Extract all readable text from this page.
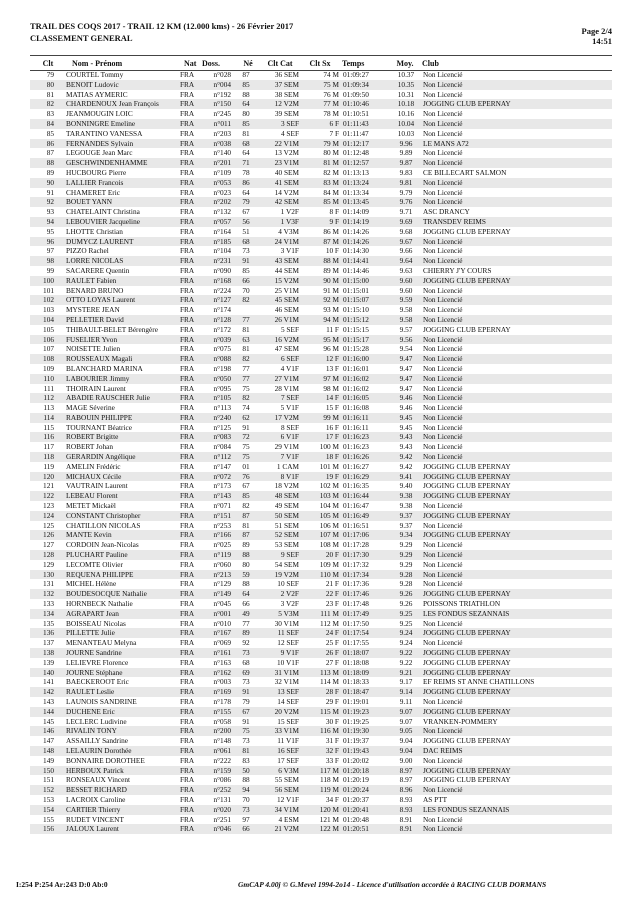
TRAIL DES COQS 2017 - TRAIL 12 KM (12.000 kms) - 26 Février 2017
CLASSEMENT GENERAL
Page 2/4
14:51
Clt	Nom - Prénom	Nat Doss.	Né	Clt Cat	Clt Sx	Temps	Moy.	Club
79	COURTEL Tommy	FRA	n°028	87	36 SEM	74 M 01:09:27	10.37	Non Licencié
80	BENOIT Ludovic	FRA	n°004	85	37 SEM	75 M 01:09:34	10.35	Non Licencié
81	MATIAS AYMERIC	FRA	n°192	88	38 SEM	76 M 01:09:50	10.31	Non Licencié
82	CHARDENOUX Jean François	FRA	n°150	64	12 V2M	77 M 01:10:46	10.18	JOGGING CLUB EPERNAY
83	JEANMOUGIN LOIC	FRA	n°245	80	39 SEM	78 M 01:10:51	10.16	Non Licencié
84	BONNINGRE Emeline	FRA	n°011	85	3 SEF	6 F 01:11:43	10.04	Non Licencié
85	TARANTINO VANESSA	FRA	n°203	81	4 SEF	7 F 01:11:47	10.03	Non Licencié
86	FERNANDES Sylvain	FRA	n°038	68	22 V1M	79 M 01:12:17	9.96	LE MANS A72
87	LEGOUGE Jean Marc	FRA	n°140	64	13 V2M	80 M 01:12:48	9.89	Non Licencié
88	GESCHWINDENHAMME	FRA	n°201	71	23 V1M	81 M 01:12:57	9.87	Non Licencié
89	HUCBOURG Pierre	FRA	n°109	78	40 SEM	82 M 01:13:13	9.83	CE BILLECART SALMON
90	LALLIER Francois	FRA	n°053	86	41 SEM	83 M 01:13:24	9.81	Non Licencié
91	CHAMERET Eric	FRA	n°023	64	14 V2M	84 M 01:13:34	9.79	Non Licencié
92	BOUET YANN	FRA	n°202	79	42 SEM	85 M 01:13:45	9.76	Non Licencié
93	CHATELAINT Christina	FRA	n°132	67	1 V2F	8 F 01:14:09	9.71	ASC DRANCY
94	LEBOUVIER Jacqueline	FRA	n°057	56	1 V3F	9 F 01:14:19	9.69	TRANSDEV REIMS
95	LHOTTE Christian	FRA	n°164	51	4 V3M	86 M 01:14:26	9.68	JOGGING CLUB EPERNAY
96	DUMYCZ LAURENT	FRA	n°185	68	24 V1M	87 M 01:14:26	9.67	Non Licencié
97	PIZZO Rachel	FRA	n°104	73	3 V1F	10 F 01:14:30	9.66	Non Licencié
98	LORRE NICOLAS	FRA	n°231	91	43 SEM	88 M 01:14:41	9.64	Non Licencié
99	SACARERE Quentin	FRA	n°090	85	44 SEM	89 M 01:14:46	9.63	CHIERRY J'Y COURS
100	RAULET Fabien	FRA	n°168	66	15 V2M	90 M 01:15:00	9.60	JOGGING CLUB EPERNAY
101	BENARD BRUNO	FRA	n°224	70	25 V1M	91 M 01:15:01	9.60	Non Licencié
102	OTTO LOYAS Laurent	FRA	n°127	82	45 SEM	92 M 01:15:07	9.59	Non Licencié
103	MYSTERE JEAN	FRA	n°174	46 SEM	93 M 01:15:10	9.58	Non Licencié
104	PELLETIER David	FRA	n°128	77	26 V1M	94 M 01:15:12	9.58	Non Licencié
105	THIBAULT-BELET Bérengère	FRA	n°172	81	5 SEF	11 F 01:15:15	9.57	JOGGING CLUB EPERNAY
106	FUSELIER Yvon	FRA	n°039	63	16 V2M	95 M 01:15:17	9.56	Non Licencié
107	NOISETTE Julien	FRA	n°075	81	47 SEM	96 M 01:15:28	9.54	Non Licencié
108	ROUSSEAUX Magali	FRA	n°088	82	6 SEF	12 F 01:16:00	9.47	Non Licencié
109	BLANCHARD MARINA	FRA	n°198	77	4 V1F	13 F 01:16:01	9.47	Non Licencié
110	LABOURIER Jimmy	FRA	n°050	77	27 V1M	97 M 01:16:02	9.47	Non Licencié
111	THOIRAIN Laurent	FRA	n°095	75	28 V1M	98 M 01:16:02	9.47	Non Licencié
112	ABADIE RAUSCHER Julie	FRA	n°105	82	7 SEF	14 F 01:16:05	9.46	Non Licencié
113	MAGE Séverine	FRA	n°113	74	5 V1F	15 F 01:16:08	9.46	Non Licencié
114	RABOUIN PHILIPPE	FRA	n°240	62	17 V2M	99 M 01:16:11	9.45	Non Licencié
115	TOURNANT Béatrice	FRA	n°125	91	8 SEF	16 F 01:16:11	9.45	Non Licencié
116	ROBERT Brigitte	FRA	n°083	72	6 V1F	17 F 01:16:23	9.43	Non Licencié
117	ROBERT Johan	FRA	n°084	75	29 V1M	100 M 01:16:23	9.43	Non Licencié
118	GERARDIN Angélique	FRA	n°112	75	7 V1F	18 F 01:16:26	9.42	Non Licencié
119	AMELIN Frédéric	FRA	n°147	01	1 CAM	101 M 01:16:27	9.42	JOGGING CLUB EPERNAY
120	MICHAUX Cécile	FRA	n°072	76	8 V1F	19 F 01:16:29	9.41	JOGGING CLUB EPERNAY
121	VAUTRAIN Laurent	FRA	n°173	67	18 V2M	102 M 01:16:35	9.40	JOGGING CLUB EPERNAY
122	LEBEAU Florent	FRA	n°143	85	48 SEM	103 M 01:16:44	9.38	JOGGING CLUB EPERNAY
123	METET Mickaël	FRA	n°071	82	49 SEM	104 M 01:16:47	9.38	Non Licencié
124	CONSTANT Christopher	FRA	n°151	87	50 SEM	105 M 01:16:49	9.37	JOGGING CLUB EPERNAY
125	CHATILLON NICOLAS	FRA	n°253	81	51 SEM	106 M 01:16:51	9.37	Non Licencié
126	MANTE Kevin	FRA	n°166	87	52 SEM	107 M 01:17:06	9.34	JOGGING CLUB EPERNAY
127	CORDOIN Jean-Nicolas	FRA	n°025	89	53 SEM	108 M 01:17:28	9.29	Non Licencié
128	PLUCHART Pauline	FRA	n°119	88	9 SEF	20 F 01:17:30	9.29	Non Licencié
129	LECOMTE Olivier	FRA	n°060	80	54 SEM	109 M 01:17:32	9.29	Non Licencié
130	REQUENA PHILIPPE	FRA	n°213	59	19 V2M	110 M 01:17:34	9.28	Non Licencié
131	MICHEL Hélène	FRA	n°129	88	10 SEF	21 F 01:17:36	9.28	Non Licencié
132	BOUDESOCQUE Nathalie	FRA	n°149	64	2 V2F	22 F 01:17:46	9.26	JOGGING CLUB EPERNAY
133	HORNBECK Nathalie	FRA	n°045	66	3 V2F	23 F 01:17:48	9.26	POISSONS TRIATHLON
134	AGRAPART Jean	FRA	n°001	49	5 V3M	111 M 01:17:49	9.25	LES FONDUS SEZANNAIS
135	BOISSEAU Nicolas	FRA	n°010	77	30 V1M	112 M 01:17:50	9.25	Non Licencié
136	PILLETTE Julie	FRA	n°167	89	11 SEF	24 F 01:17:54	9.24	JOGGING CLUB EPERNAY
137	MENANTEAU Melyna	FRA	n°069	92	12 SEF	25 F 01:17:55	9.24	Non Licencié
138	JOURNE Sandrine	FRA	n°161	73	9 V1F	26 F 01:18:07	9.22	JOGGING CLUB EPERNAY
139	LELIEVRE Florence	FRA	n°163	68	10 V1F	27 F 01:18:08	9.22	JOGGING CLUB EPERNAY
140	JOURNE Stéphane	FRA	n°162	69	31 V1M	113 M 01:18:09	9.21	JOGGING CLUB EPERNAY
141	BAECKEROOT Eric	FRA	n°003	73	32 V1M	114 M 01:18:33	9.17	EF REIMS ST ANNE CHATILLONS
142	RAULET Leslie	FRA	n°169	91	13 SEF	28 F 01:18:47	9.14	JOGGING CLUB EPERNAY
143	LAUNOIS SANDRINE	FRA	n°178	79	14 SEF	29 F 01:19:01	9.11	Non Licencié
144	DUCHENE Eric	FRA	n°155	67	20 V2M	115 M 01:19:23	9.07	JOGGING CLUB EPERNAY
145	LECLERC Ludivine	FRA	n°058	91	15 SEF	30 F 01:19:25	9.07	VRANKEN-POMMERY
146	RIVALIN TONY	FRA	n°200	75	33 V1M	116 M 01:19:30	9.05	Non Licencié
147	ASSAILLY Sandrine	FRA	n°148	73	11 V1F	31 F 01:19:37	9.04	JOGGING CLUB EPERNAY
148	LELAURIN Dorothée	FRA	n°061	81	16 SEF	32 F 01:19:43	9.04	DAC REIMS
149	BONNAIRE DOROTHEE	FRA	n°222	83	17 SEF	33 F 01:20:02	9.00	Non Licencié
150	HERBOUX Patrick	FRA	n°159	50	6 V3M	117 M 01:20:18	8.97	JOGGING CLUB EPERNAY
151	RONSEAUX Vincent	FRA	n°086	88	55 SEM	118 M 01:20:19	8.97	JOGGING CLUB EPERNAY
152	BESSET RICHARD	FRA	n°252	94	56 SEM	119 M 01:20:24	8.96	Non Licencié
153	LACROIX Caroline	FRA	n°131	70	12 V1F	34 F 01:20:37	8.93	AS PTT
154	CARTIER Thierry	FRA	n°020	73	34 V1M	120 M 01:20:41	8.93	LES FONDUS SEZANNAIS
155	RUDET VINCENT	FRA	n°251	97	4 ESM	121 M 01:20:48	8.91	Non Licencié
156	JALOUX Laurent	FRA	n°046	66	21 V2M	122 M 01:20:51	8.91	Non Licencié
I:254 P:254 Ar:243 D:0 Ab:0	GmCAP 4.00j © G.Mevel 1994-2o14 - Licence d'utilisation accordée à RACING CLUB DORMANS
